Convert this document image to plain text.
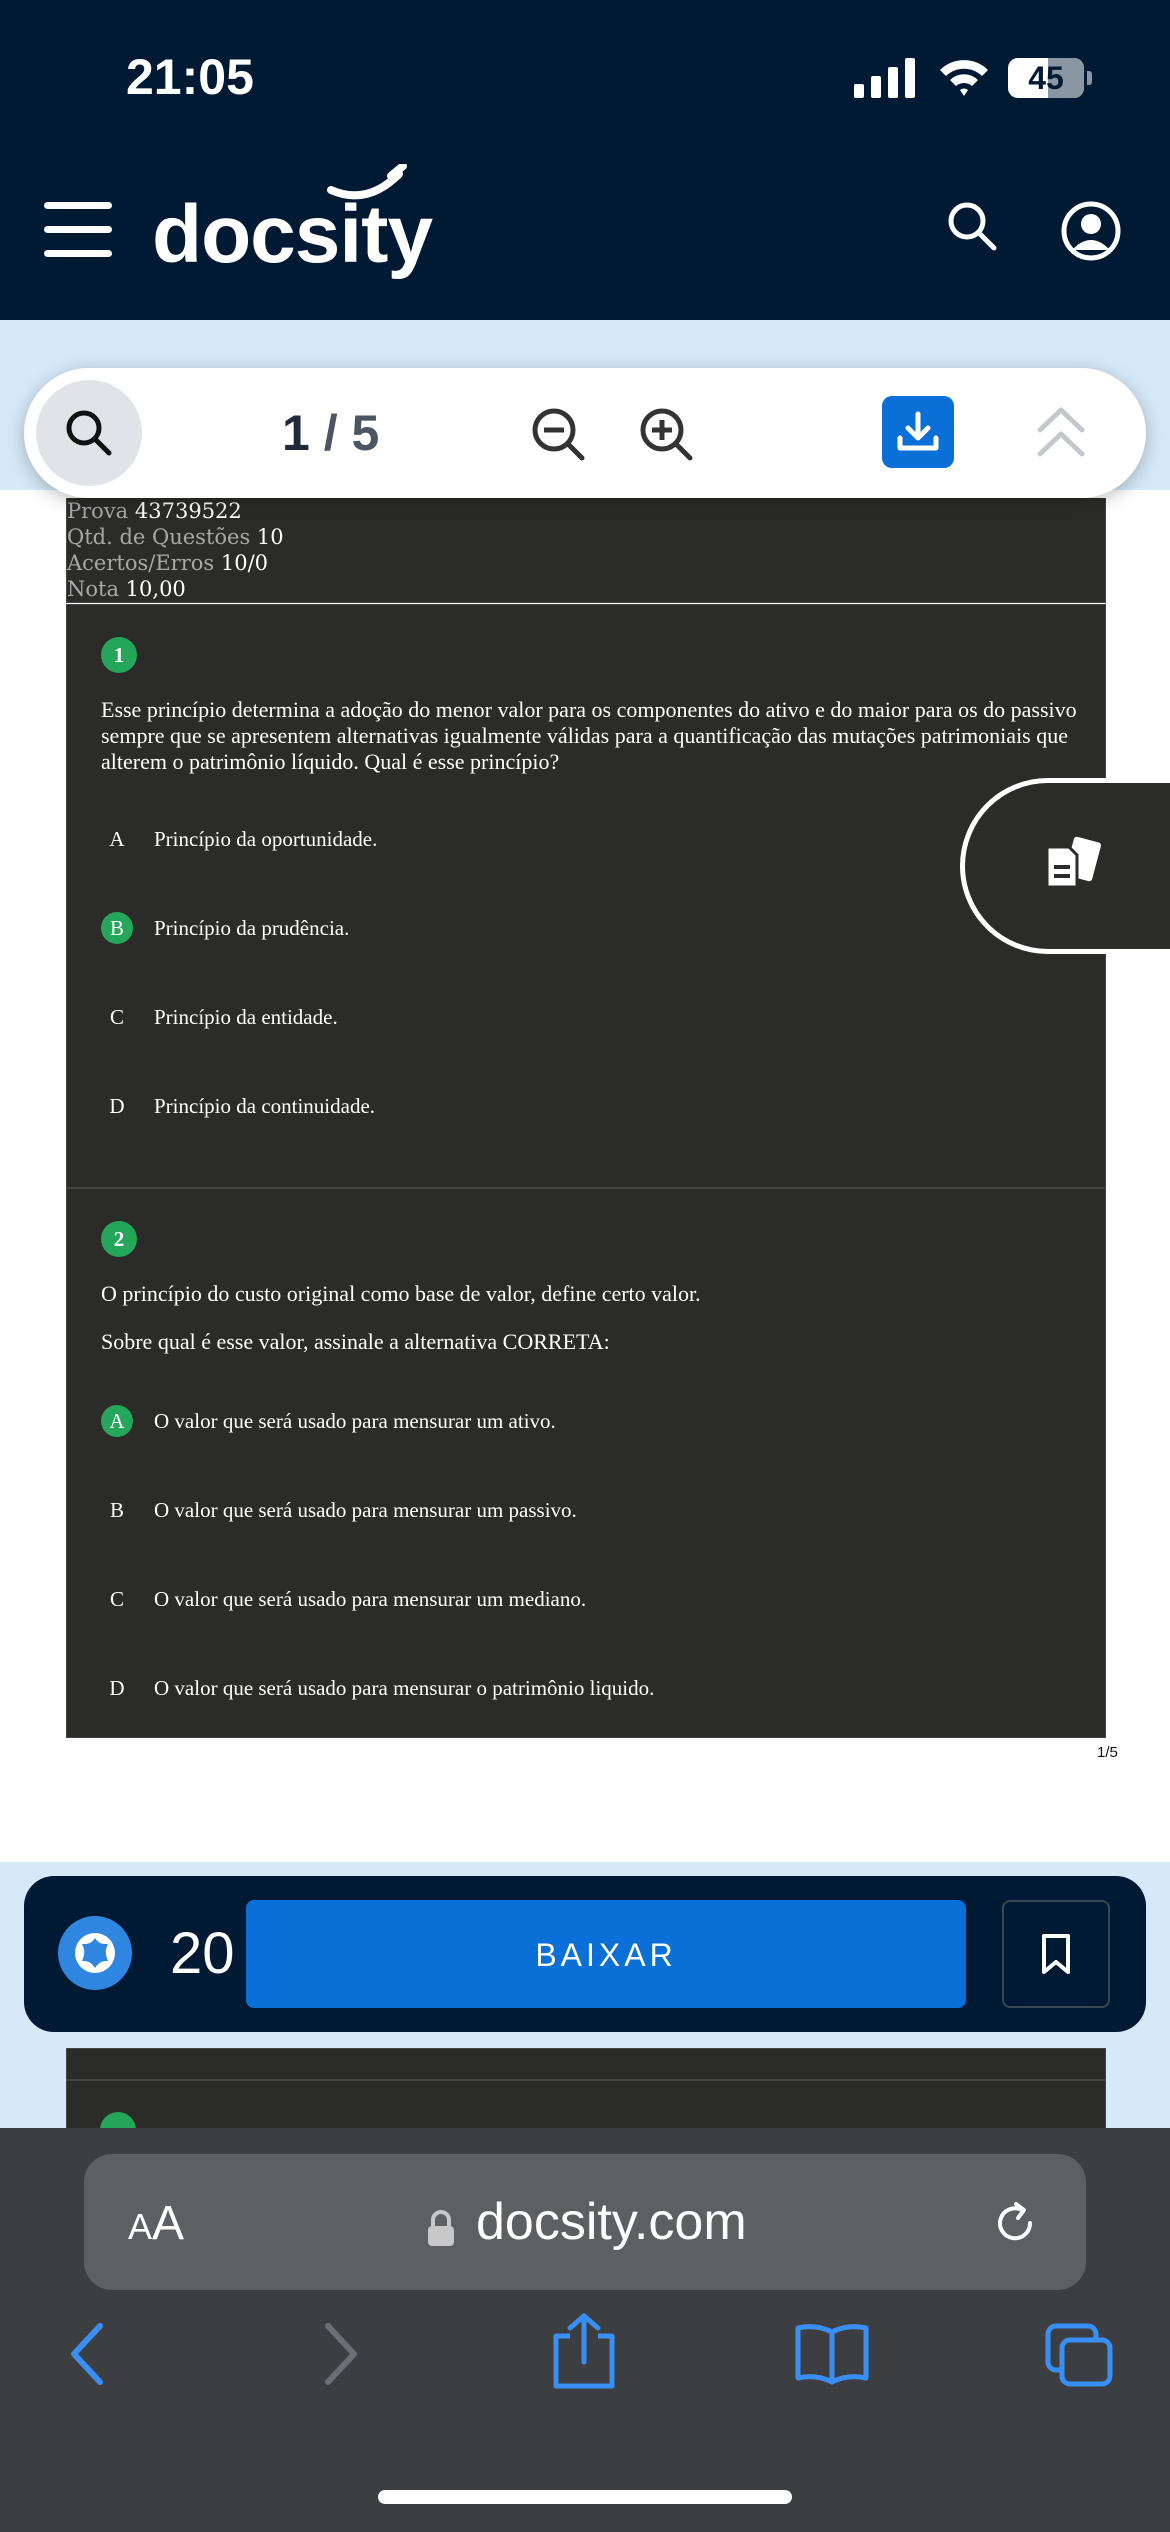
21:05	45
docsity
Prova 43739522
Qtd. de Questões 10
Acertos/Erros 10/0
Nota 10,00
1
Esse princípio determina a adoção do menor valor para os componentes do ativo e do maior para os do passivo sempre que se apresentem alternativas igualmente válidas para a quantificação das mutações patrimoniais que alterem o patrimônio líquido. Qual é esse princípio?
A	Princípio da oportunidade.
B	Princípio da prudência.
C	Princípio da entidade.
D	Princípio da continuidade.
2
O princípio do custo original como base de valor, define certo valor.
Sobre qual é esse valor, assinale a alternativa CORRETA:
A	O valor que será usado para mensurar um ativo.
B	O valor que será usado para mensurar um passivo.
C	O valor que será usado para mensurar um mediano.
D	O valor que será usado para mensurar o patrimônio liquido.
1/5
1 / 5
20	BAIXAR
AA	docsity.com
